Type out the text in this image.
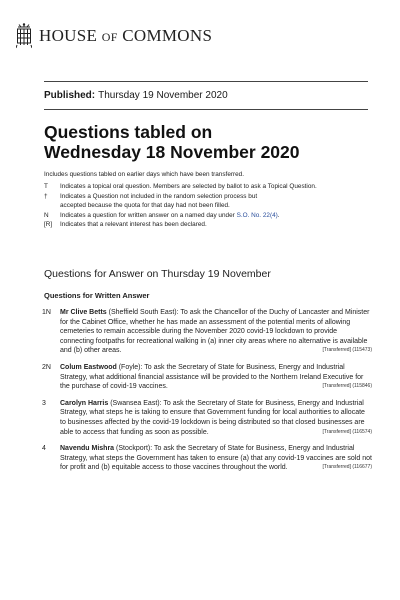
HOUSE OF COMMONS
Published: Thursday 19 November 2020
Questions tabled on
Wednesday 18 November 2020
Includes questions tabled on earlier days which have been transferred.
T	Indicates a topical oral question. Members are selected by ballot to ask a Topical Question.
†	Indicates a Question not included in the random selection process but
accepted because the quota for that day had not been filled.
N	Indicates a question for written answer on a named day under S.O. No. 22(4).
[R]	Indicates that a relevant interest has been declared.
Questions for Answer on Thursday 19 November
Questions for Written Answer
1N	Mr Clive Betts (Sheffield South East): To ask the Chancellor of the Duchy of Lancaster and Minister for the Cabinet Office, whether he has made an assessment of the potential merits of allowing cemeteries to remain accessible during the November 2020 covid-19 lockdown to provide connecting footpaths for recreational walking in (a) inner city areas where no alternative is available and (b) other areas.	[Transferred] (115473)
2N	Colum Eastwood (Foyle): To ask the Secretary of State for Business, Energy and Industrial Strategy, what additional financial assistance will be provided to the Northern Ireland Executive for the purchase of covid-19 vaccines.	[Transferred] (115846)
3	Carolyn Harris (Swansea East): To ask the Secretary of State for Business, Energy and Industrial Strategy, what steps he is taking to ensure that Government funding for local authorities to allocate to businesses affected by the covid-19 lockdown is being distributed so that closed businesses are able to access that funding as soon as possible.	[Transferred] (116574)
4	Navendu Mishra (Stockport): To ask the Secretary of State for Business, Energy and Industrial Strategy, what steps the Government has taken to ensure (a) that any covid-19 vaccines are sold not for profit and (b) equitable access to those vaccines throughout the world.	[Transferred] (116677)
